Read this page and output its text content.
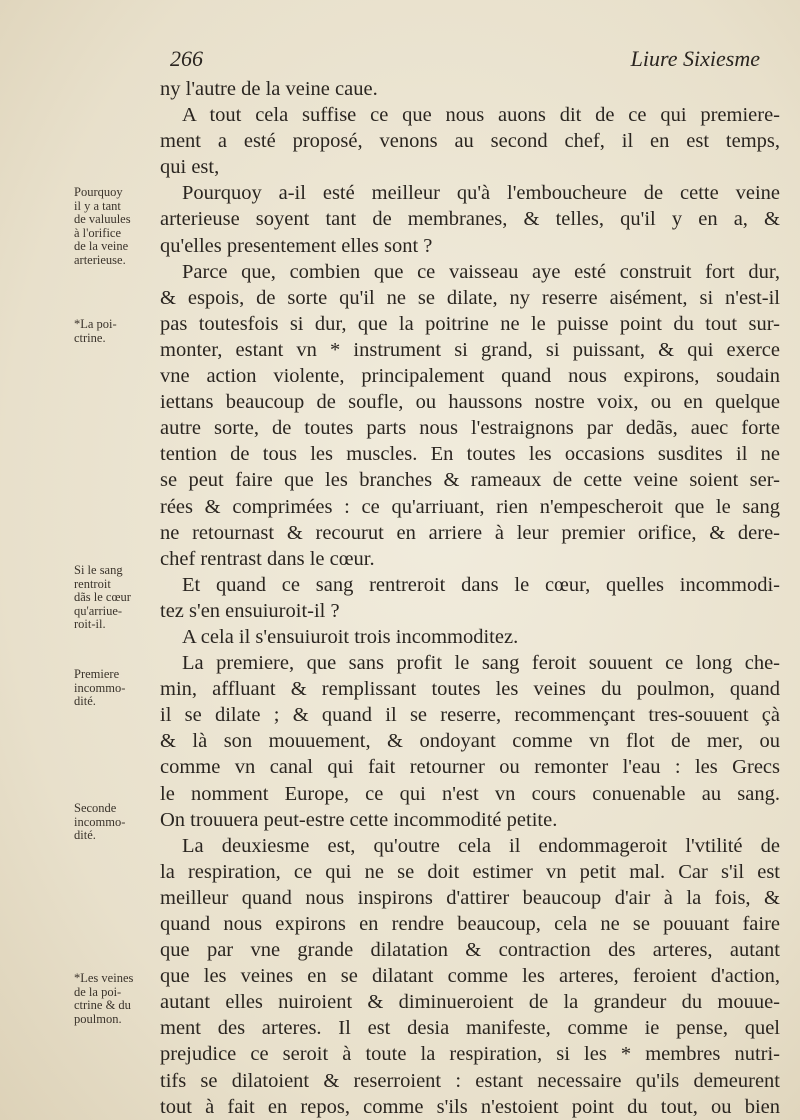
266	Liure Sixiesme
ny l'autre de la veine caue.
A tout cela suffise ce que nous auons dit de ce qui premiere-
ment a esté proposé, venons au second chef, il en est temps,
qui est,
Pourquoy a-il esté meilleur qu'à l'emboucheure de cette veine
arterieuse soyent tant de membranes, & telles, qu'il y en a, &
qu'elles presentement elles sont ?
Parce que, combien que ce vaisseau aye esté construit fort dur,
& espois, de sorte qu'il ne se dilate, ny reserre aisément, si n'est-il
pas toutesfois si dur, que la poitrine ne le puisse point du tout sur-
monter, estant vn * instrument si grand, si puissant, & qui exerce
vne action violente, principalement quand nous expirons, soudain
iettans beaucoup de soufle, ou haussons nostre voix, ou en quelque
autre sorte, de toutes parts nous l'estraignons par dedãs, auec forte
tention de tous les muscles. En toutes les occasions susdites il ne
se peut faire que les branches & rameaux de cette veine soient ser-
rées & comprimées : ce qu'arriuant, rien n'empescheroit que le sang
ne retournast & recourut en arriere à leur premier orifice, & dere-
chef rentrast dans le cœur.
Et quand ce sang rentreroit dans le cœur, quelles incommodi-
tez s'en ensuiuroit-il ?
A cela il s'ensuiuroit trois incommoditez.
La premiere, que sans profit le sang feroit souuent ce long che-
min, affluant & remplissant toutes les veines du poulmon, quand
il se dilate ; & quand il se reserre, recommençant tres-souuent çà
& là son mouuement, & ondoyant comme vn flot de mer, ou
comme vn canal qui fait retourner ou remonter l'eau : les Grecs
le nomment Europe, ce qui n'est vn cours conuenable au sang.
On trouuera peut-estre cette incommodité petite.
La deuxiesme est, qu'outre cela il endommageroit l'vtilité de
la respiration, ce qui ne se doit estimer vn petit mal. Car s'il est
meilleur quand nous inspirons d'attirer beaucoup d'air à la fois, &
quand nous expirons en rendre beaucoup, cela ne se pouuant faire
que par vne grande dilatation & contraction des arteres, autant
que les veines en se dilatant comme les arteres, feroient d'action,
autant elles nuiroient & diminueroient de la grandeur du mouue-
ment des arteres. Il est desia manifeste, comme ie pense, quel
prejudice ce seroit à toute la respiration, si les * membres nutri-
tifs se dilatoient & reserroient : estant necessaire qu'ils demeurent
tout à fait en repos, comme s'ils n'estoient point du tout, ou bien
Pourquoy
il y a tant
de valuules
à l'orifice
de la veine
arterieuse.
*La poi-
ctrine.
Si le sang
rentroit
dãs le cœur
qu'arriue-
roit-il.
Premiere
incommo-
dité.
Seconde
incommo-
dité.
*Les veines
de la poi-
ctrine & du
poulmon.
